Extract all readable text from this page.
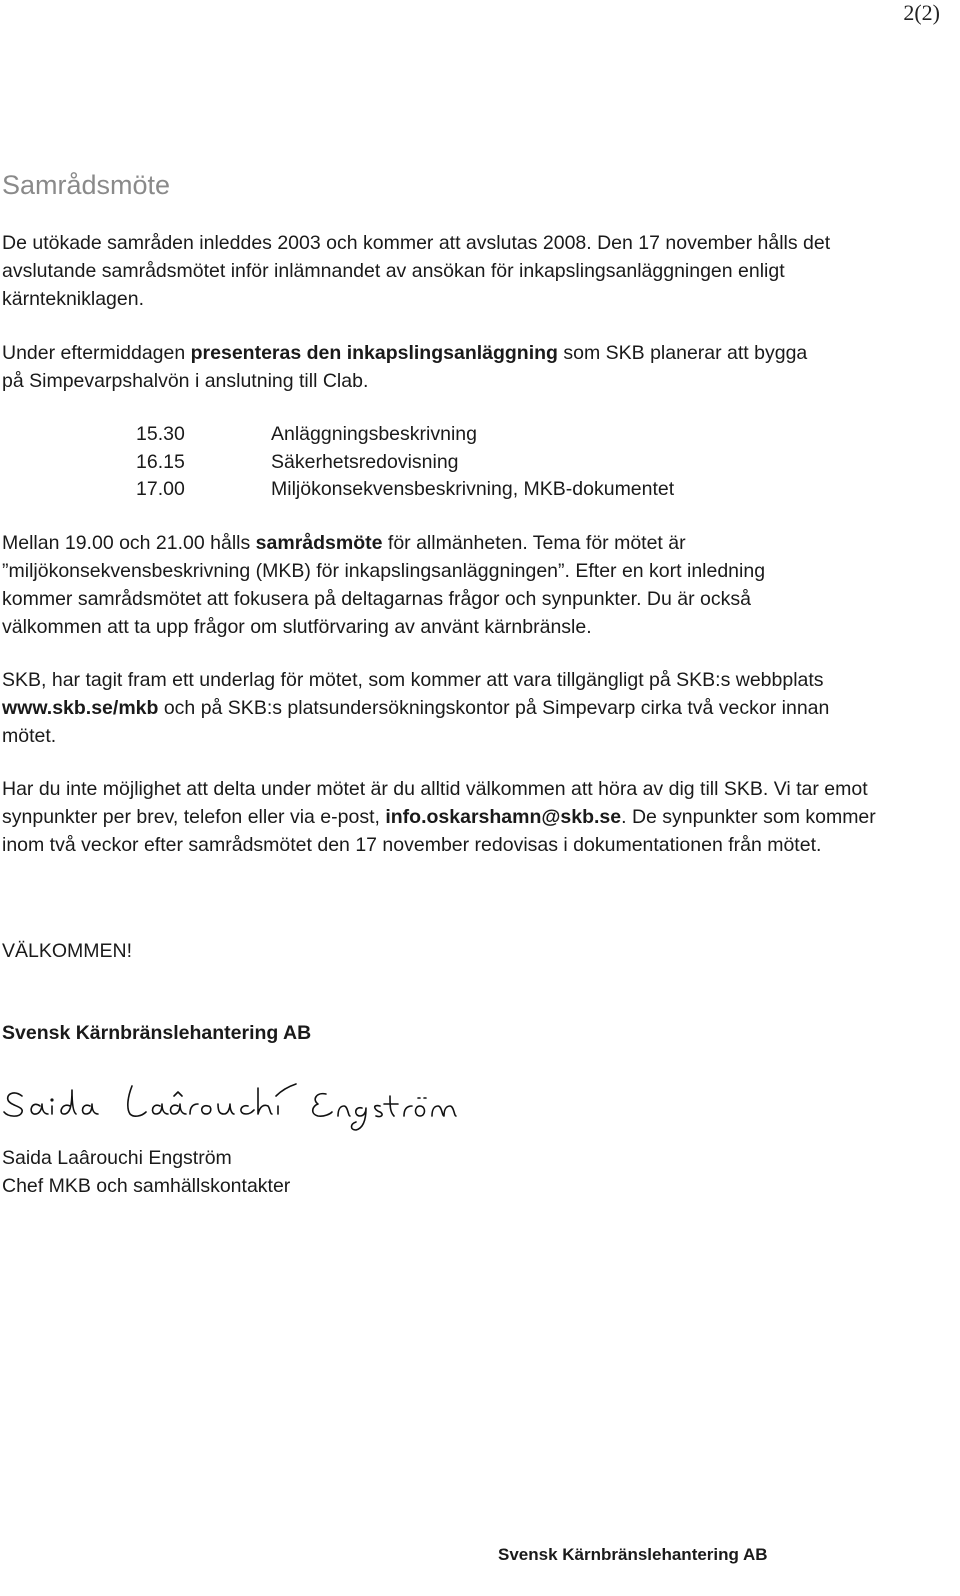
2(2)
Samrådsmöte
De utökade samråden inleddes 2003 och kommer att avslutas 2008. Den 17 november hålls det avslutande samrådsmötet inför inlämnandet av ansökan för inkapslingsanläggningen enligt kärntekniklagen.
Under eftermiddagen presenteras den inkapslingsanläggning som SKB planerar att bygga på Simpevarpshalvön i anslutning till Clab.
15.30	Anläggningsbeskrivning
16.15	Säkerhetsredovisning
17.00	Miljökonsekvensbeskrivning, MKB-dokumentet
Mellan 19.00 och 21.00 hålls samrådsmöte för allmänheten. Tema för mötet är ”miljökonsekvensbeskrivning (MKB) för inkapslingsanläggningen”. Efter en kort inledning kommer samrådsmötet att fokusera på deltagarnas frågor och synpunkter. Du är också välkommen att ta upp frågor om slutförvaring av använt kärnbränsle.
SKB, har tagit fram ett underlag för mötet, som kommer att vara tillgängligt på SKB:s webbplats www.skb.se/mkb och på SKB:s platsundersökningskontor på Simpevarp cirka två veckor innan mötet.
Har du inte möjlighet att delta under mötet är du alltid välkommen att höra av dig till SKB. Vi tar emot synpunkter per brev, telefon eller via e-post, info.oskarshamn@skb.se. De synpunkter som kommer inom två veckor efter samrådsmötet den 17 november redovisas i dokumentationen från mötet.
VÄLKOMMEN!
Svensk Kärnbränslehantering AB
Saida Laârouchi Engström
Chef MKB och samhällskontakter
Svensk Kärnbränslehantering AB
